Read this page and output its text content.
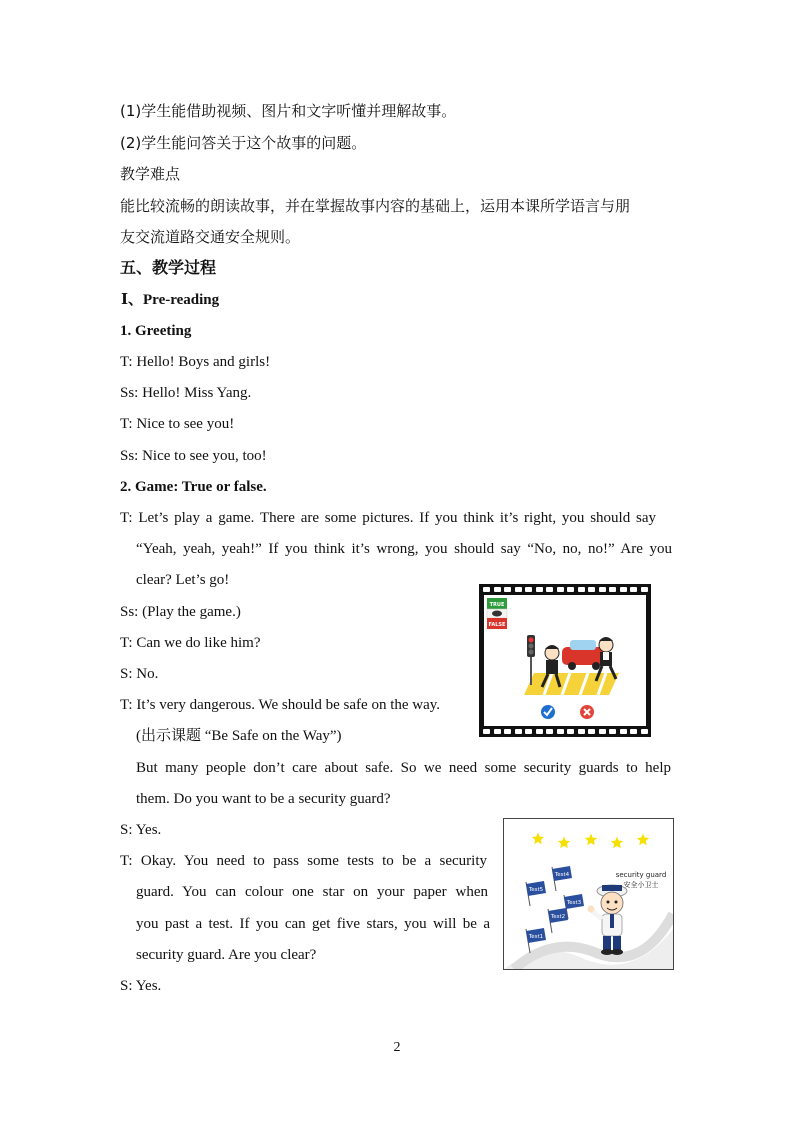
(1)学生能借助视频、图片和文字听懂并理解故事。
(2)学生能问答关于这个故事的问题。
教学难点
能比较流畅的朗读故事，并在掌握故事内容的基础上，运用本课所学语言与朋
友交流道路交通安全规则。
五、教学过程
Ⅰ、Pre-reading
1. Greeting
T: Hello! Boys and girls!
Ss: Hello! Miss Yang.
T: Nice to see you!
Ss: Nice to see you, too!
2. Game: True or false.
T: Let’s play a game. There are some pictures. If you think it’s right, you should say
“Yeah, yeah, yeah!” If you think it’s wrong, you should say “No, no, no!” Are you
clear? Let’s go!
Ss: (Play the game.)
T: Can we do like him?
S: No.
T: It’s very dangerous. We should be safe on the way.
(出示课题 “Be Safe on the Way”)
But many people don’t care about safe. So we need some security guards to help
them. Do you want to be a security guard?
S: Yes.
T: Okay. You need to pass some tests to be a security
guard. You can colour one star on your paper when
you past a test. If you can get five stars, you will be a
security guard. Are you clear?
S: Yes.
TRUE
FALSE
security guard
安全小卫士
Test5
Test4
Test3
Test2
Test1
2
